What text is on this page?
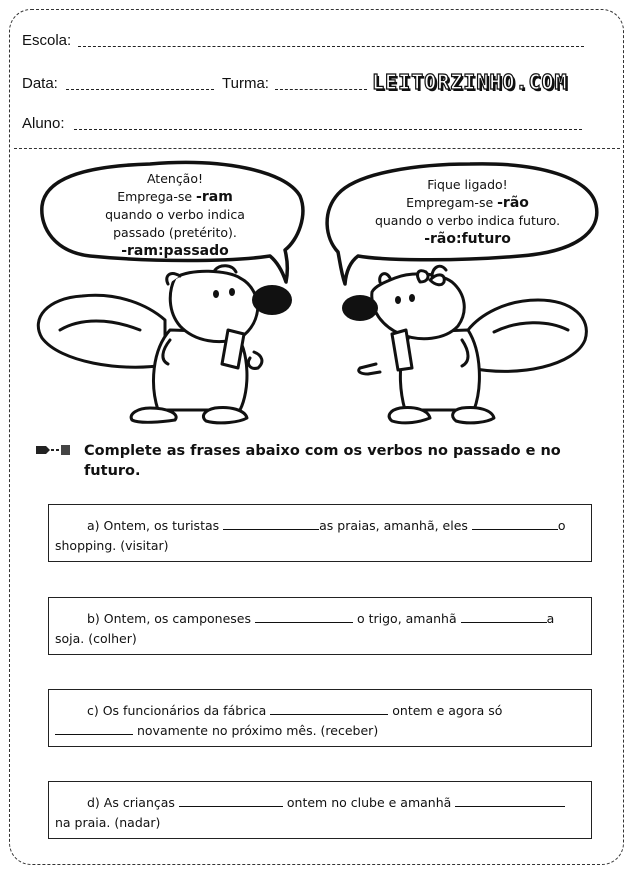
Escola:
Data:	Turma:	LEITORZINHO.COM
Aluno:
Atenção!
Emprega-se -ram
quando o verbo indica
passado (pretérito).
-ram:passado
Fique ligado!
Empregam-se -rão
quando o verbo indica futuro.
-rão:futuro
Complete as frases abaixo com os verbos no passado e no futuro.
a) Ontem, os turistas	as praias, amanhã, eles	o
shopping. (visitar)
b) Ontem, os camponeses	o trigo, amanhã	a
soja. (colher)
c) Os funcionários da fábrica	ontem e agora só
novamente no próximo mês. (receber)
d) As crianças	ontem no clube e amanhã
na praia. (nadar)
